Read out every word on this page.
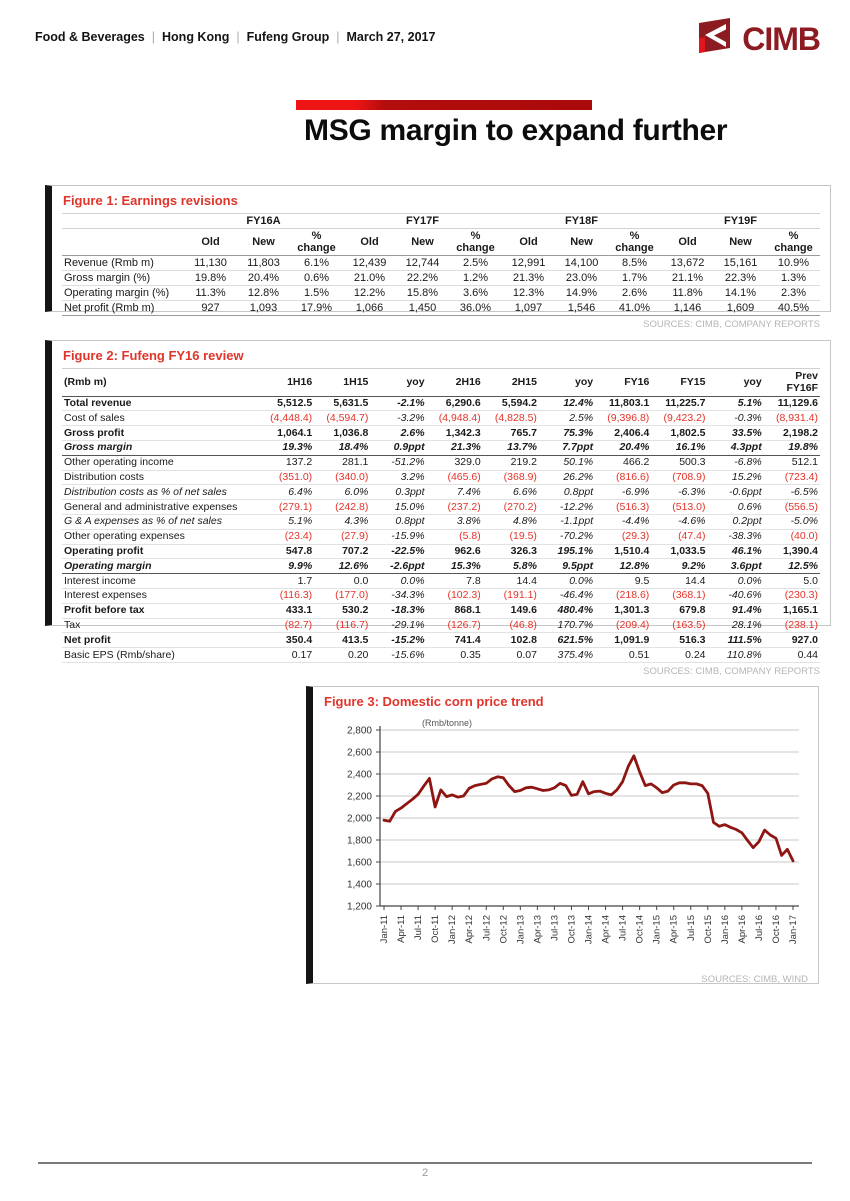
Food & Beverages | Hong Kong | Fufeng Group | March 27, 2017	CIMB
MSG margin to expand further
Figure 1: Earnings revisions
	FY16A			FY17F			FY18F			FY19F		
	Old	New	% change	Old	New	% change	Old	New	% change	Old	New	% change
Revenue (Rmb m)	11,130	11,803	6.1%	12,439	12,744	2.5%	12,991	14,100	8.5%	13,672	15,161	10.9%
Gross margin (%)	19.8%	20.4%	0.6%	21.0%	22.2%	1.2%	21.3%	23.0%	1.7%	21.1%	22.3%	1.3%
Operating margin (%)	11.3%	12.8%	1.5%	12.2%	15.8%	3.6%	12.3%	14.9%	2.6%	11.8%	14.1%	2.3%
Net profit (Rmb m)	927	1,093	17.9%	1,066	1,450	36.0%	1,097	1,546	41.0%	1,146	1,609	40.5%
SOURCES: CIMB, COMPANY REPORTS
Figure 2: Fufeng FY16 review
(Rmb m)	1H16	1H15	yoy	2H16	2H15	yoy	FY16	FY15	yoy	Prev FY16F
Total revenue	5,512.5	5,631.5	-2.1%	6,290.6	5,594.2	12.4%	11,803.1	11,225.7	5.1%	11,129.6
Cost of sales	(4,448.4)	(4,594.7)	-3.2%	(4,948.4)	(4,828.5)	2.5%	(9,396.8)	(9,423.2)	-0.3%	(8,931.4)
Gross profit	1,064.1	1,036.8	2.6%	1,342.3	765.7	75.3%	2,406.4	1,802.5	33.5%	2,198.2
Gross margin	19.3%	18.4%	0.9ppt	21.3%	13.7%	7.7ppt	20.4%	16.1%	4.3ppt	19.8%
Other operating income	137.2	281.1	-51.2%	329.0	219.2	50.1%	466.2	500.3	-6.8%	512.1
Distribution costs	(351.0)	(340.0)	3.2%	(465.6)	(368.9)	26.2%	(816.6)	(708.9)	15.2%	(723.4)
Distribution costs as % of net sales	6.4%	6.0%	0.3ppt	7.4%	6.6%	0.8ppt	-6.9%	-6.3%	-0.6ppt	-6.5%
General and administrative expenses	(279.1)	(242.8)	15.0%	(237.2)	(270.2)	-12.2%	(516.3)	(513.0)	0.6%	(556.5)
G & A expenses as % of net sales	5.1%	4.3%	0.8ppt	3.8%	4.8%	-1.1ppt	-4.4%	-4.6%	0.2ppt	-5.0%
Other operating expenses	(23.4)	(27.9)	-15.9%	(5.8)	(19.5)	-70.2%	(29.3)	(47.4)	-38.3%	(40.0)
Operating profit	547.8	707.2	-22.5%	962.6	326.3	195.1%	1,510.4	1,033.5	46.1%	1,390.4
Operating margin	9.9%	12.6%	-2.6ppt	15.3%	5.8%	9.5ppt	12.8%	9.2%	3.6ppt	12.5%
Interest income	1.7	0.0	0.0%	7.8	14.4	0.0%	9.5	14.4	0.0%	5.0
Interest expenses	(116.3)	(177.0)	-34.3%	(102.3)	(191.1)	-46.4%	(218.6)	(368.1)	-40.6%	(230.3)
Profit before tax	433.1	530.2	-18.3%	868.1	149.6	480.4%	1,301.3	679.8	91.4%	1,165.1
Tax	(82.7)	(116.7)	-29.1%	(126.7)	(46.8)	170.7%	(209.4)	(163.5)	28.1%	(238.1)
Net profit	350.4	413.5	-15.2%	741.4	102.8	621.5%	1,091.9	516.3	111.5%	927.0
Basic EPS (Rmb/share)	0.17	0.20	-15.6%	0.35	0.07	375.4%	0.51	0.24	110.8%	0.44
SOURCES: CIMB, COMPANY REPORTS
Figure 3: Domestic corn price trend
1,200
1,400
1,600
1,800
2,000
2,200
2,400
2,600
2,800
(Rmb/tonne)
Jan-11 Apr-11 Jul-11 Oct-11 Jan-12 Apr-12 Jul-12 Oct-12 Jan-13 Apr-13 Jul-13 Oct-13 Jan-14 Apr-14 Jul-14 Oct-14 Jan-15 Apr-15 Jul-15 Oct-15 Jan-16 Apr-16 Jul-16 Oct-16 Jan-17
SOURCES: CIMB, WIND
2
